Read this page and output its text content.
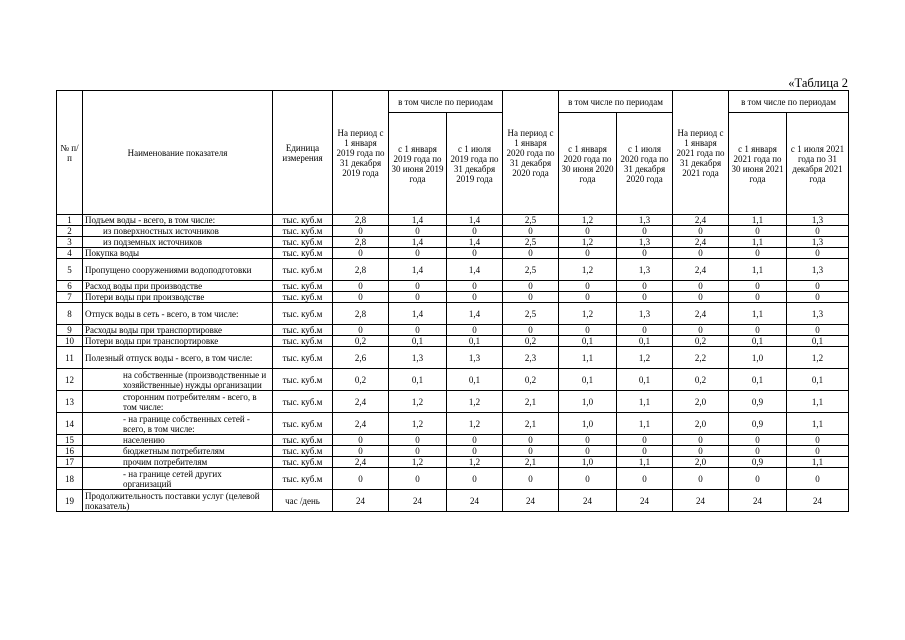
«Таблица 2
№ п/п	Наименование показателя	Единица измерения	На период с 1 января 2019 года по 31 декабря 2019 года	в том числе по периодам		На период с 1 января 2020 года по 31 декабря 2020 года	в том числе по периодам		На период с 1 января 2021 года по 31 декабря 2021 года	в том числе по периодам	
				с 1 января 2019 года по 30 июня 2019 года	с 1 июля 2019 года по 31 декабря 2019 года		с 1 января 2020 года по 30 июня 2020 года	с 1 июля 2020 года по 31 декабря 2020 года		с 1 января 2021 года по 30 июня 2021 года	с 1 июля 2021 года по 31 декабря 2021 года
1	Подъем воды - всего, в том числе:	тыс. куб.м	2,8	1,4	1,4	2,5	1,2	1,3	2,4	1,1	1,3
2	из поверхностных источников	тыс. куб.м	0	0	0	0	0	0	0	0	0
3	из подземных источников	тыс. куб.м	2,8	1,4	1,4	2,5	1,2	1,3	2,4	1,1	1,3
4	Покупка воды	тыс. куб.м	0	0	0	0	0	0	0	0	0
5	Пропущено сооружениями водоподготовки	тыс. куб.м	2,8	1,4	1,4	2,5	1,2	1,3	2,4	1,1	1,3
6	Расход воды при производстве	тыс. куб.м	0	0	0	0	0	0	0	0	0
7	Потери воды при производстве	тыс. куб.м	0	0	0	0	0	0	0	0	0
8	Отпуск воды в сеть - всего, в том числе:	тыс. куб.м	2,8	1,4	1,4	2,5	1,2	1,3	2,4	1,1	1,3
9	Расходы воды при транспортировке	тыс. куб.м	0	0	0	0	0	0	0	0	0
10	Потери воды при транспортировке	тыс. куб.м	0,2	0,1	0,1	0,2	0,1	0,1	0,2	0,1	0,1
11	Полезный отпуск воды - всего, в том числе:	тыс. куб.м	2,6	1,3	1,3	2,3	1,1	1,2	2,2	1,0	1,2
12	на собственные (производственные и хозяйственные) нужды организации	тыс. куб.м	0,2	0,1	0,1	0,2	0,1	0,1	0,2	0,1	0,1
13	сторонним потребителям - всего, в том числе:	тыс. куб.м	2,4	1,2	1,2	2,1	1,0	1,1	2,0	0,9	1,1
14	- на границе собственных сетей - всего, в том числе:	тыс. куб.м	2,4	1,2	1,2	2,1	1,0	1,1	2,0	0,9	1,1
15	населению	тыс. куб.м	0	0	0	0	0	0	0	0	0
16	бюджетным потребителям	тыс. куб.м	0	0	0	0	0	0	0	0	0
17	прочим потребителям	тыс. куб.м	2,4	1,2	1,2	2,1	1,0	1,1	2,0	0,9	1,1
18	- на границе сетей других организаций	тыс. куб.м	0	0	0	0	0	0	0	0	0
19	Продолжительность поставки услуг (целевой показатель)	час /день	24	24	24	24	24	24	24	24	24
